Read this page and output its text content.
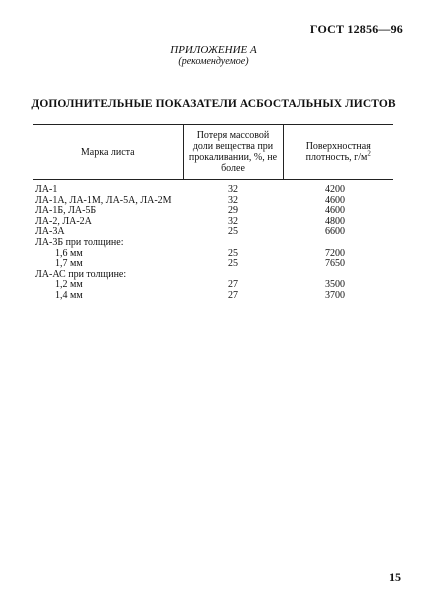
ГОСТ 12856—96
ПРИЛОЖЕНИЕ А
(рекомендуемое)
ДОПОЛНИТЕЛЬНЫЕ ПОКАЗАТЕЛИ АСБОСТАЛЬНЫХ ЛИСТОВ
Марка листа	Потеря массовой доли вещества при прокаливании, %, не более	Поверхностная плотность, $г/м^2$
ЛА-1	32	4200
ЛА-1А, ЛА-1М, ЛА-5А, ЛА-2М	32	4600
ЛА-1Б, ЛА-5Б	29	4600
ЛА-2, ЛА-2А	32	4800
ЛА-3А	25	6600
ЛА-3Б при толщине:		
1,6 мм	25	7200
1,7 мм	25	7650
ЛА-АС при толщине:		
1,2 мм	27	3500
1,4 мм	27	3700
15
